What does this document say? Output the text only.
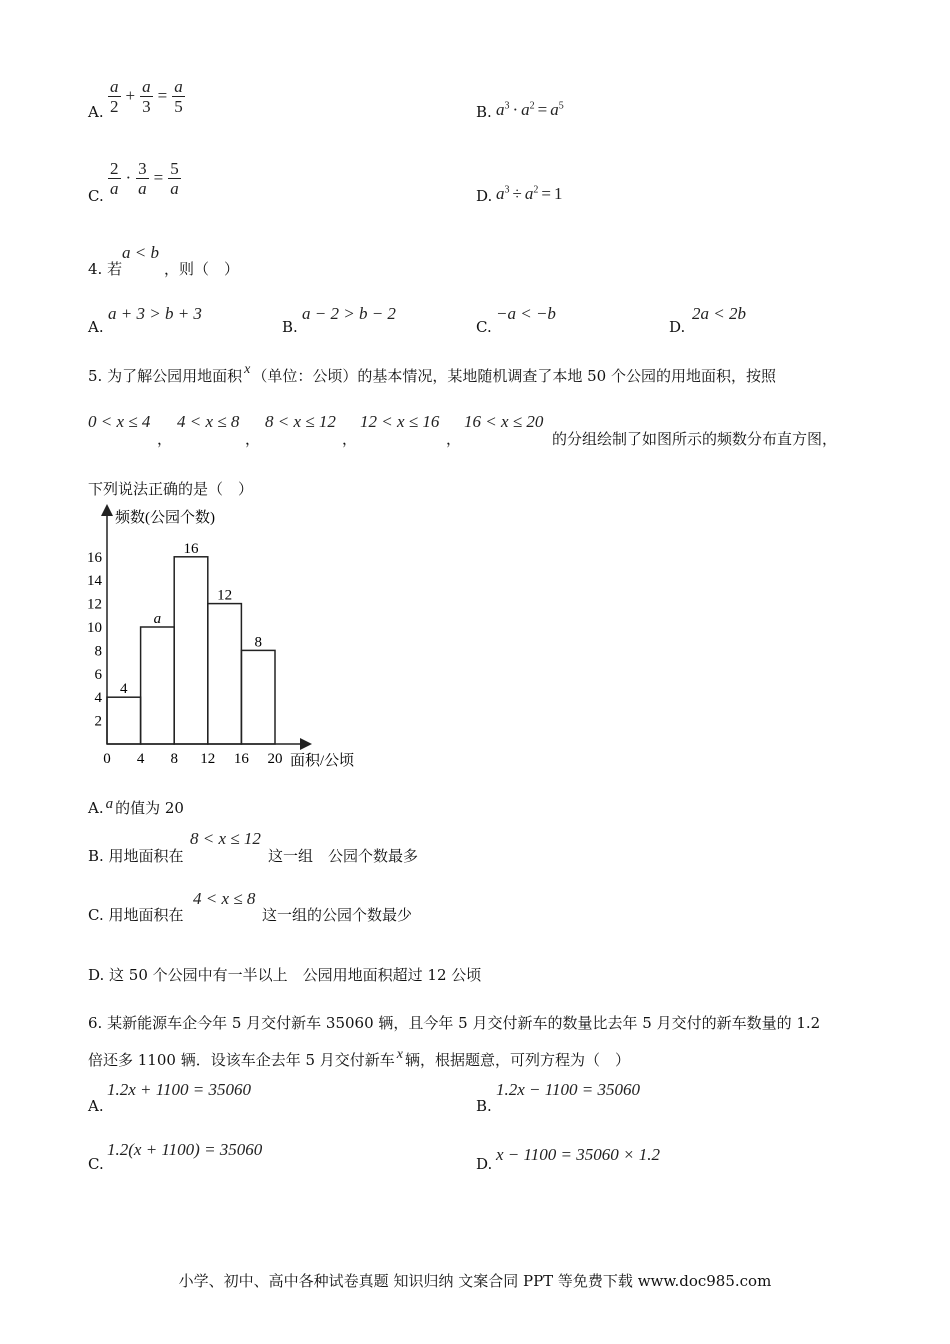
A. $\frac{a}{2} + \frac{a}{3} = \frac{a}{5}$	B. $a^3 \cdot a^2 = a^5$
C. $\frac{2}{a} \cdot \frac{3}{a} = \frac{5}{a}$	D. $a^3 \div a^2 = 1$
4. 若
a < b
，则（　）
A.
a + 3 > b + 3
B.
a − 2 > b − 2
C.
−a < −b
D.
2a < 2b
5. 为了解公园用地面积 x （单位：公顷）的基本情况，某地随机调查了本地 50 个公园的用地面积，按照
0 < x ≤ 4
，
4 < x ≤ 8
，
8 < x ≤ 12
，
12 < x ≤ 16
，
16 < x ≤ 20
的分组绘制了如图所示的频数分布直方图，
下列说法正确的是（　）
频数(公园个数)
面积/公顷
2
4
6
8
10
12
14
16
0 4 8 12 16 20
4
a
16
12
8
A. a 的值为 20
B. 用地面积在
8 < x ≤ 12
这一组　公园个数最多
C. 用地面积在
4 < x ≤ 8
这一组的公园个数最少
D. 这 50 个公园中有一半以上　公园用地面积超过 12 公顷
6. 某新能源车企今年 5 月交付新车 35060 辆，且今年 5 月交付新车的数量比去年 5 月交付的新车数量的 1.2
倍还多 1100 辆．设该车企去年 5 月交付新车 x 辆，根据题意，可列方程为（　）
A.
1.2x + 1100 = 35060
B.
1.2x − 1100 = 35060
C.
1.2(x + 1100) = 35060
D. x − 1100 = 35060 × 1.2
小学、初中、高中各种试卷真题 知识归纳 文案合同 PPT 等免费下载 www.doc985.com
